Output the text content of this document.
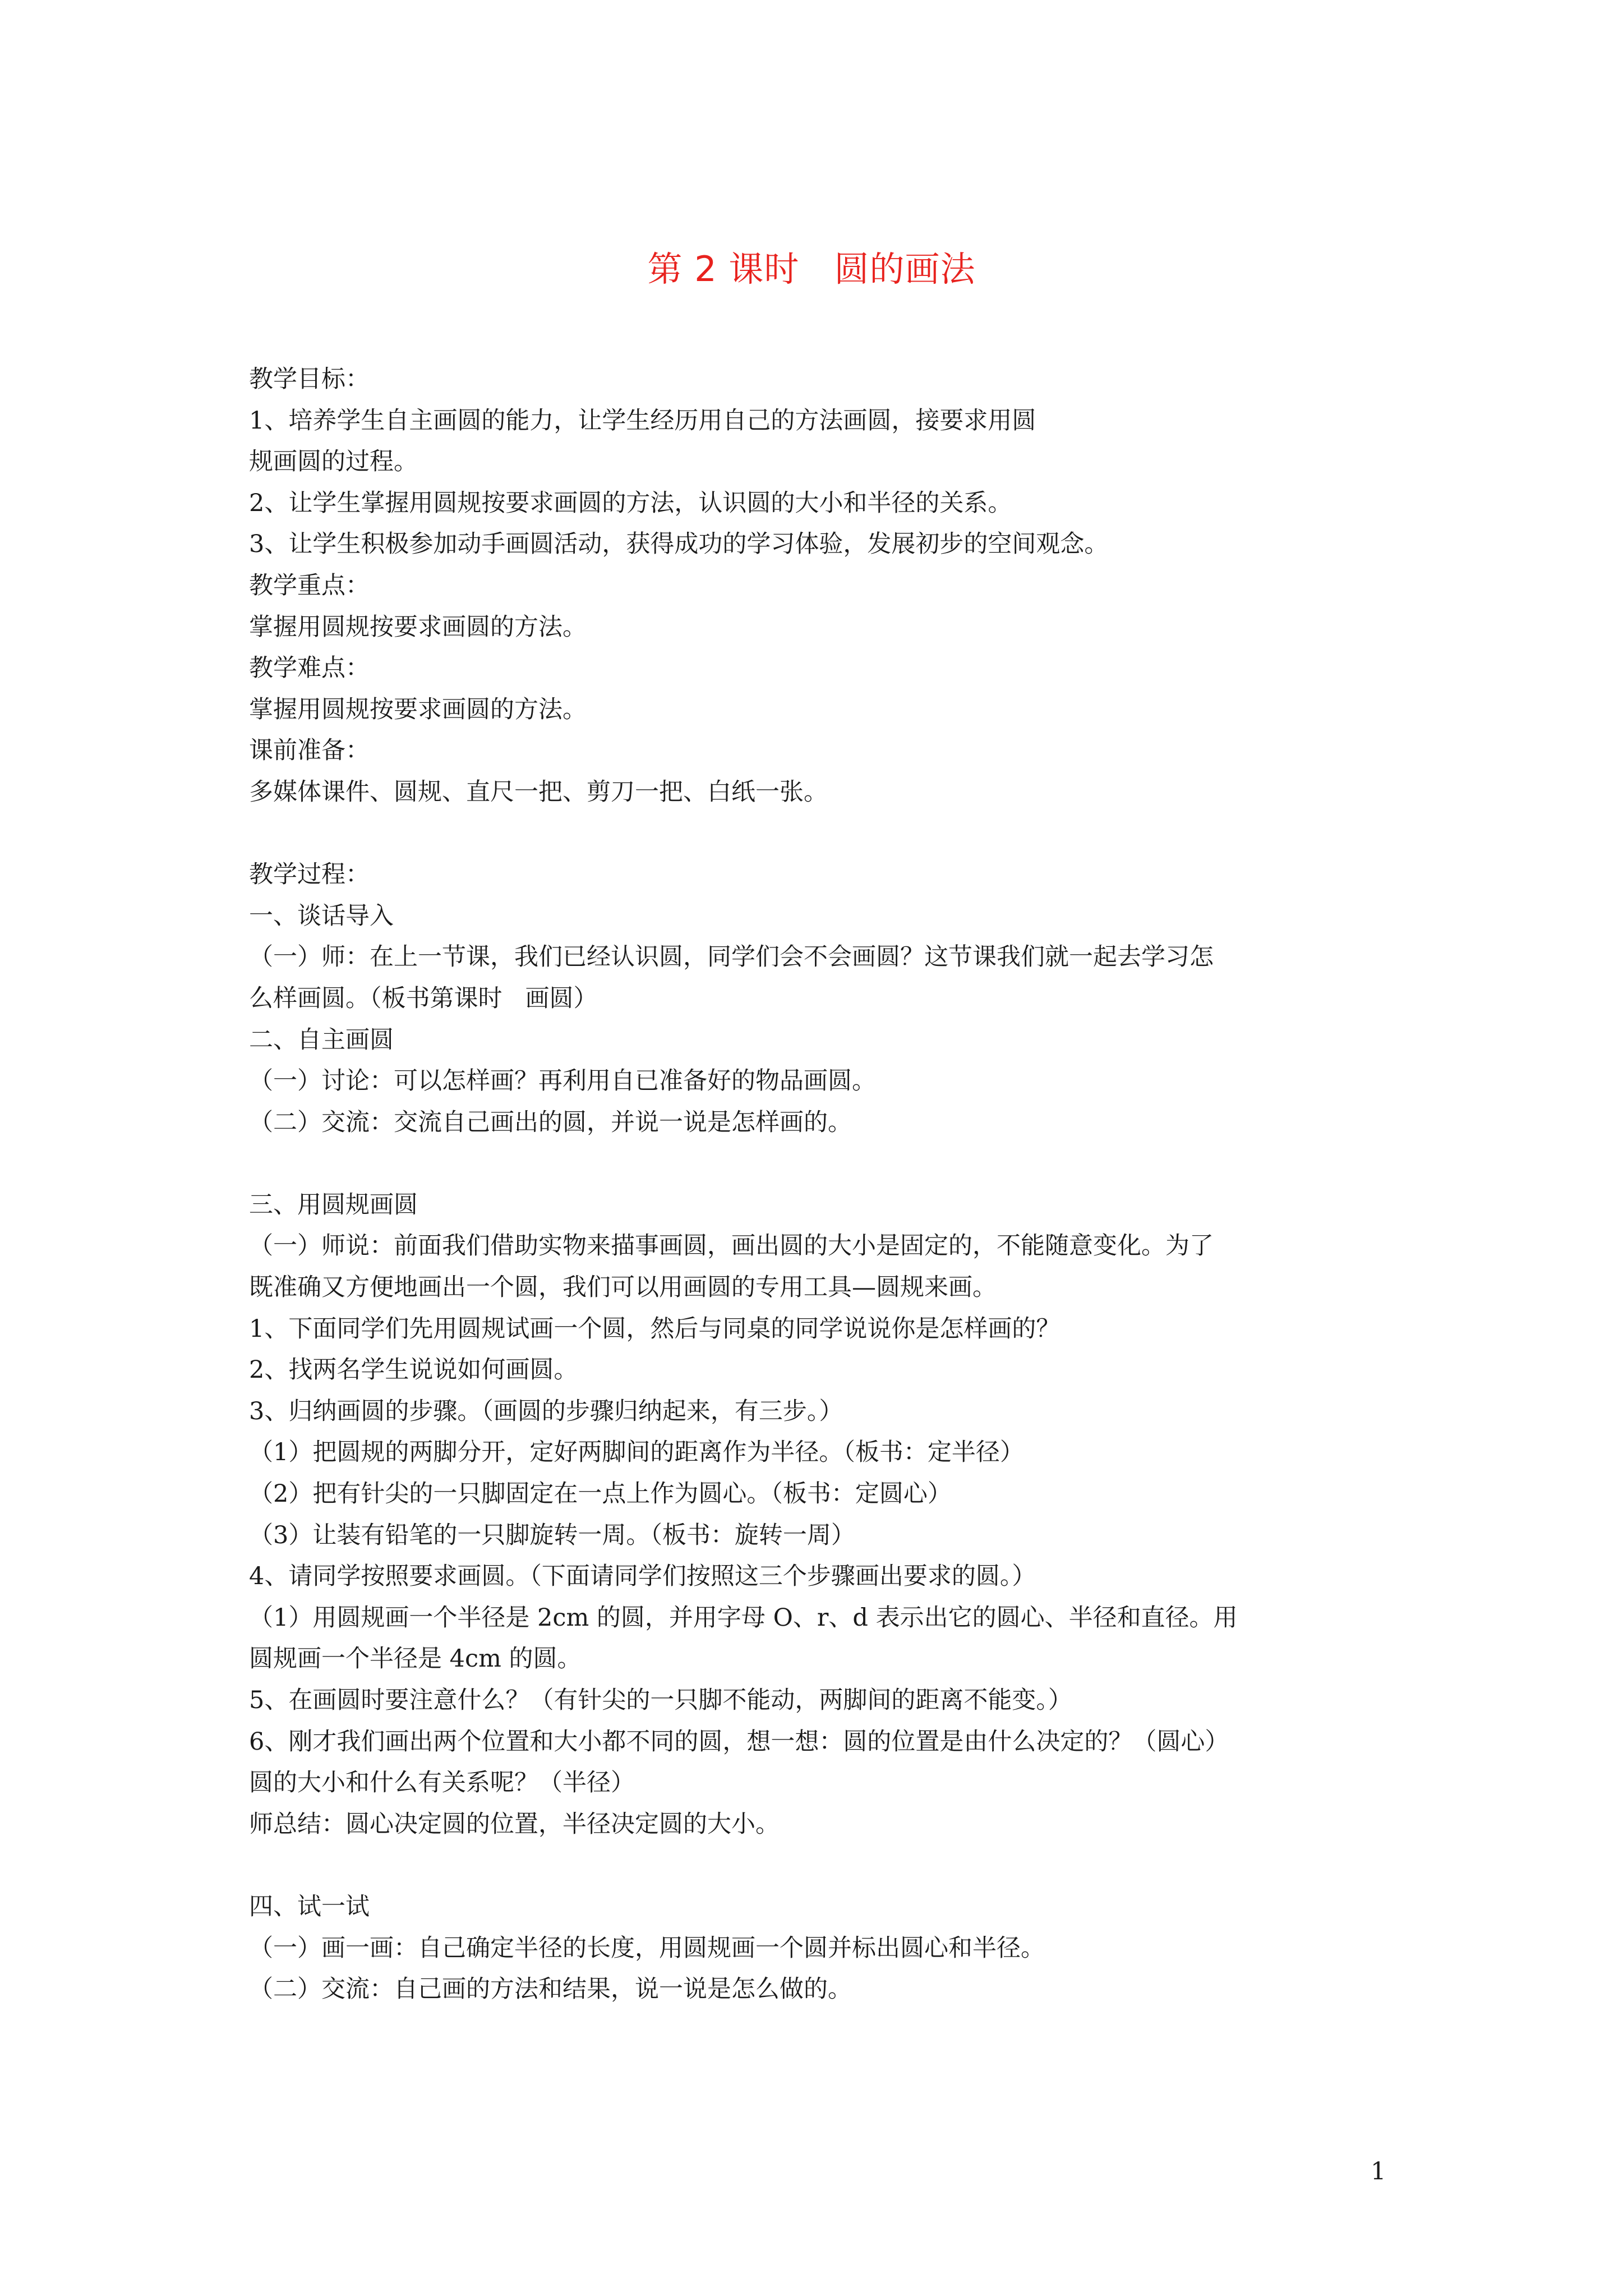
第 2 课时   圆的画法
教学目标：
1、培养学生自主画圆的能力，让学生经历用自己的方法画圆，接要求用圆
规画圆的过程。
2、让学生掌握用圆规按要求画圆的方法，认识圆的大小和半径的关系。
3、让学生积极参加动手画圆活动，获得成功的学习体验，发展初步的空间观念。
教学重点：
掌握用圆规按要求画圆的方法。
教学难点：
掌握用圆规按要求画圆的方法。
课前准备：
多媒体课件、圆规、直尺一把、剪刀一把、白纸一张。
教学过程：
一、谈话导入
（一）师：在上一节课，我们已经认识圆，同学们会不会画圆？这节课我们就一起去学习怎
么样画圆。（板书第课时   画圆）
二、自主画圆
（一）讨论：可以怎样画？再利用自已准备好的物品画圆。
（二）交流：交流自己画出的圆，并说一说是怎样画的。
三、用圆规画圆
（一）师说：前面我们借助实物来描事画圆，画出圆的大小是固定的，不能随意变化。为了
既准确又方便地画出一个圆，我们可以用画圆的专用工具—圆规来画。
1、下面同学们先用圆规试画一个圆，然后与同桌的同学说说你是怎样画的？
2、找两名学生说说如何画圆。
3、归纳画圆的步骤。（画圆的步骤归纳起来，有三步。）
（1）把圆规的两脚分开，定好两脚间的距离作为半径。（板书：定半径）
（2）把有针尖的一只脚固定在一点上作为圆心。（板书：定圆心）
（3）让装有铅笔的一只脚旋转一周。（板书：旋转一周）
4、请同学按照要求画圆。（下面请同学们按照这三个步骤画出要求的圆。）
（1）用圆规画一个半径是 2cm 的圆，并用字母 O、r、d 表示出它的圆心、半径和直径。用
圆规画一个半径是 4cm 的圆。
5、在画圆时要注意什么？（有针尖的一只脚不能动，两脚间的距离不能变。）
6、刚才我们画出两个位置和大小都不同的圆，想一想：圆的位置是由什么决定的？（圆心）
圆的大小和什么有关系呢？（半径）
师总结：圆心决定圆的位置，半径决定圆的大小。
四、试一试
（一）画一画：自己确定半径的长度，用圆规画一个圆并标出圆心和半径。
（二）交流：自己画的方法和结果，说一说是怎么做的。
1
